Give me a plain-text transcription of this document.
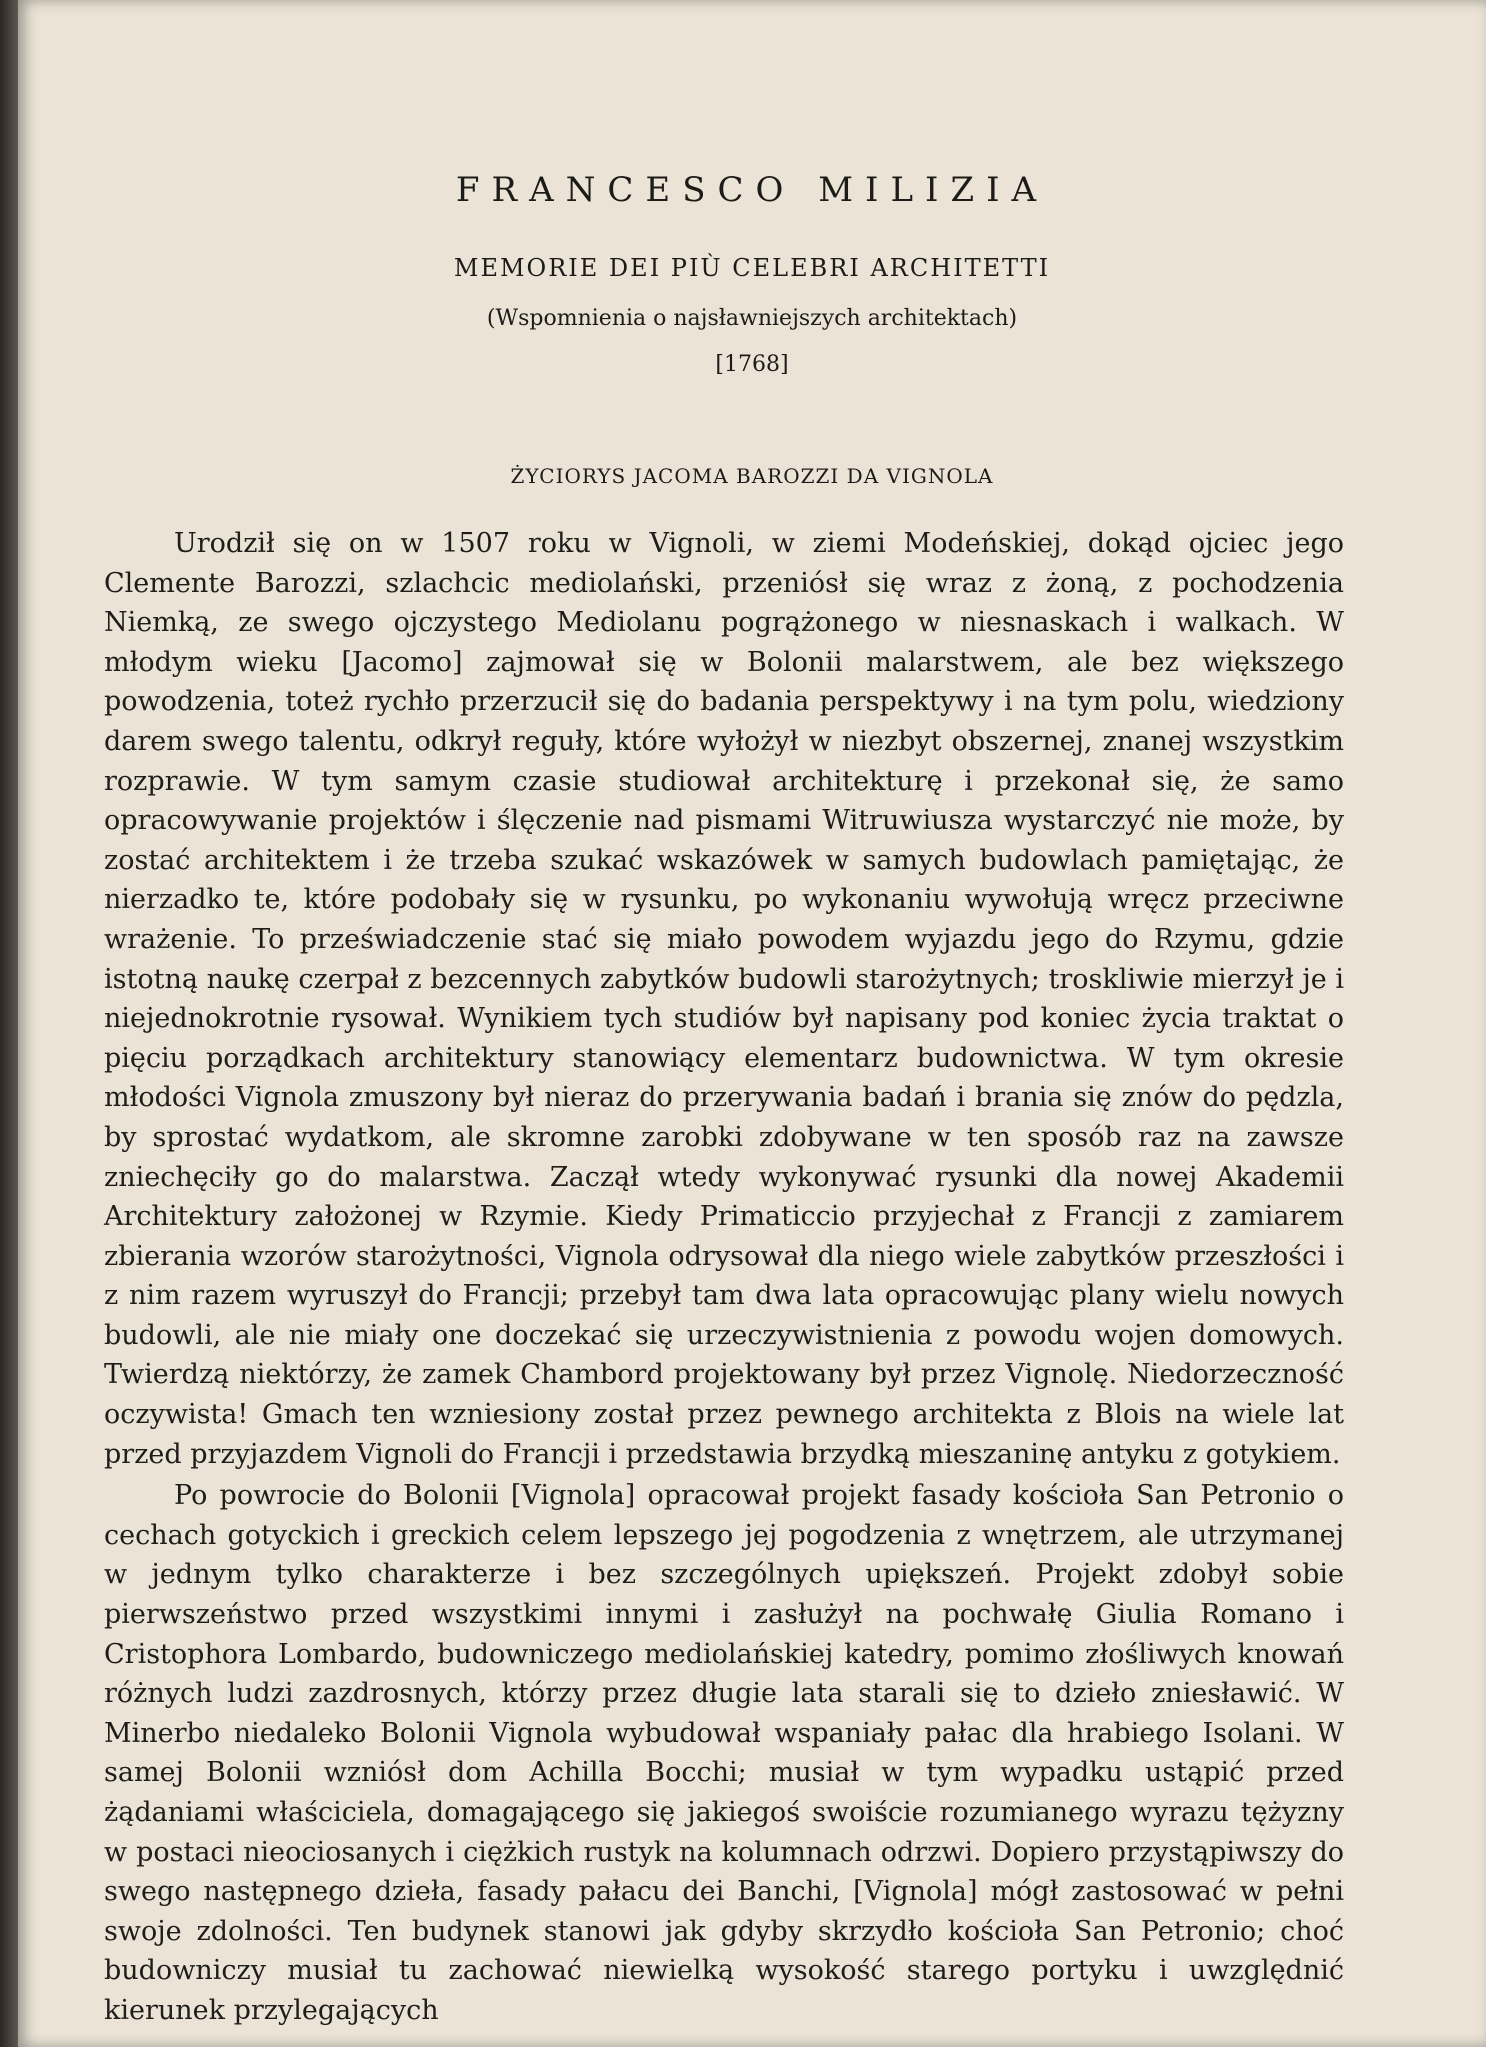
FRANCESCO MILIZIA
MEMORIE DEI PIÙ CELEBRI ARCHITETTI
(Wspomnienia o najsławniejszych architektach)
[1768]
ŻYCIORYS JACOMA BAROZZI DA VIGNOLA

Urodził się on w 1507 roku w Vignoli, w ziemi Modeńskiej, dokąd ojciec jego Clemente Barozzi, szlachcic mediolański, przeniósł się wraz z żoną, z pochodzenia Niemką, ze swego ojczystego Mediolanu pogrążonego w niesnaskach i walkach. W młodym wieku [Jacomo] zajmował się w Bolonii malarstwem, ale bez większego powodzenia, toteż rychło przerzucił się do badania perspektywy i na tym polu, wiedziony darem swego talentu, odkrył reguły, które wyłożył w niezbyt obszernej, znanej wszystkim rozprawie. W tym samym czasie studiował architekturę i przekonał się, że samo opracowywanie projektów i ślęczenie nad pismami Witruwiusza wystarczyć nie może, by zostać architektem i że trzeba szukać wskazówek w samych budowlach pamiętając, że nierzadko te, które podobały się w rysunku, po wykonaniu wywołują wręcz przeciwne wrażenie. To przeświadczenie stać się miało powodem wyjazdu jego do Rzymu, gdzie istotną naukę czerpał z bezcennych zabytków budowli starożytnych; troskliwie mierzył je i niejednokrotnie rysował. Wynikiem tych studiów był napisany pod koniec życia traktat o pięciu porządkach architektury stanowiący elementarz budownictwa. W tym okresie młodości Vignola zmuszony był nieraz do przerywania badań i brania się znów do pędzla, by sprostać wydatkom, ale skromne zarobki zdobywane w ten sposób raz na zawsze zniechęciły go do malarstwa. Zaczął wtedy wykonywać rysunki dla nowej Akademii Architektury założonej w Rzymie. Kiedy Primaticcio przyjechał z Francji z zamiarem zbierania wzorów starożytności, Vignola odrysował dla niego wiele zabytków przeszłości i z nim razem wyruszył do Francji; przebył tam dwa lata opracowując plany wielu nowych budowli, ale nie miały one doczekać się urzeczywistnienia z powodu wojen domowych. Twierdzą niektórzy, że zamek Chambord projektowany był przez Vignolę. Niedorzeczność oczywista! Gmach ten wzniesiony został przez pewnego architekta z Blois na wiele lat przed przyjazdem Vignoli do Francji i przedstawia brzydką mieszaninę antyku z gotykiem.

Po powrocie do Bolonii [Vignola] opracował projekt fasady kościoła San Petronio o cechach gotyckich i greckich celem lepszego jej pogodzenia z wnętrzem, ale utrzymanej w jednym tylko charakterze i bez szczególnych upiększeń. Projekt zdobył sobie pierwszeństwo przed wszystkimi innymi i zasłużył na pochwałę Giulia Romano i Cristophora Lombardo, budowniczego mediolańskiej katedry, pomimo złośliwych knowań różnych ludzi zazdrosnych, którzy przez długie lata starali się to dzieło zniesławić. W Minerbo niedaleko Bolonii Vignola wybudował wspaniały pałac dla hrabiego Isolani. W samej Bolonii wzniósł dom Achilla Bocchi; musiał w tym wypadku ustąpić przed żądaniami właściciela, domagającego się jakiegoś swoiście rozumianego wyrazu tężyzny w postaci nieociosanych i ciężkich rustyk na kolumnach odrzwi. Dopiero przystąpiwszy do swego następnego dzieła, fasady pałacu dei Banchi, [Vignola] mógł zastosować w pełni swoje zdolności. Ten budynek stanowi jak gdyby skrzydło kościoła San Petronio; choć budowniczy musiał tu zachować niewielką wysokość starego portyku i uwzględnić kierunek przylegających
